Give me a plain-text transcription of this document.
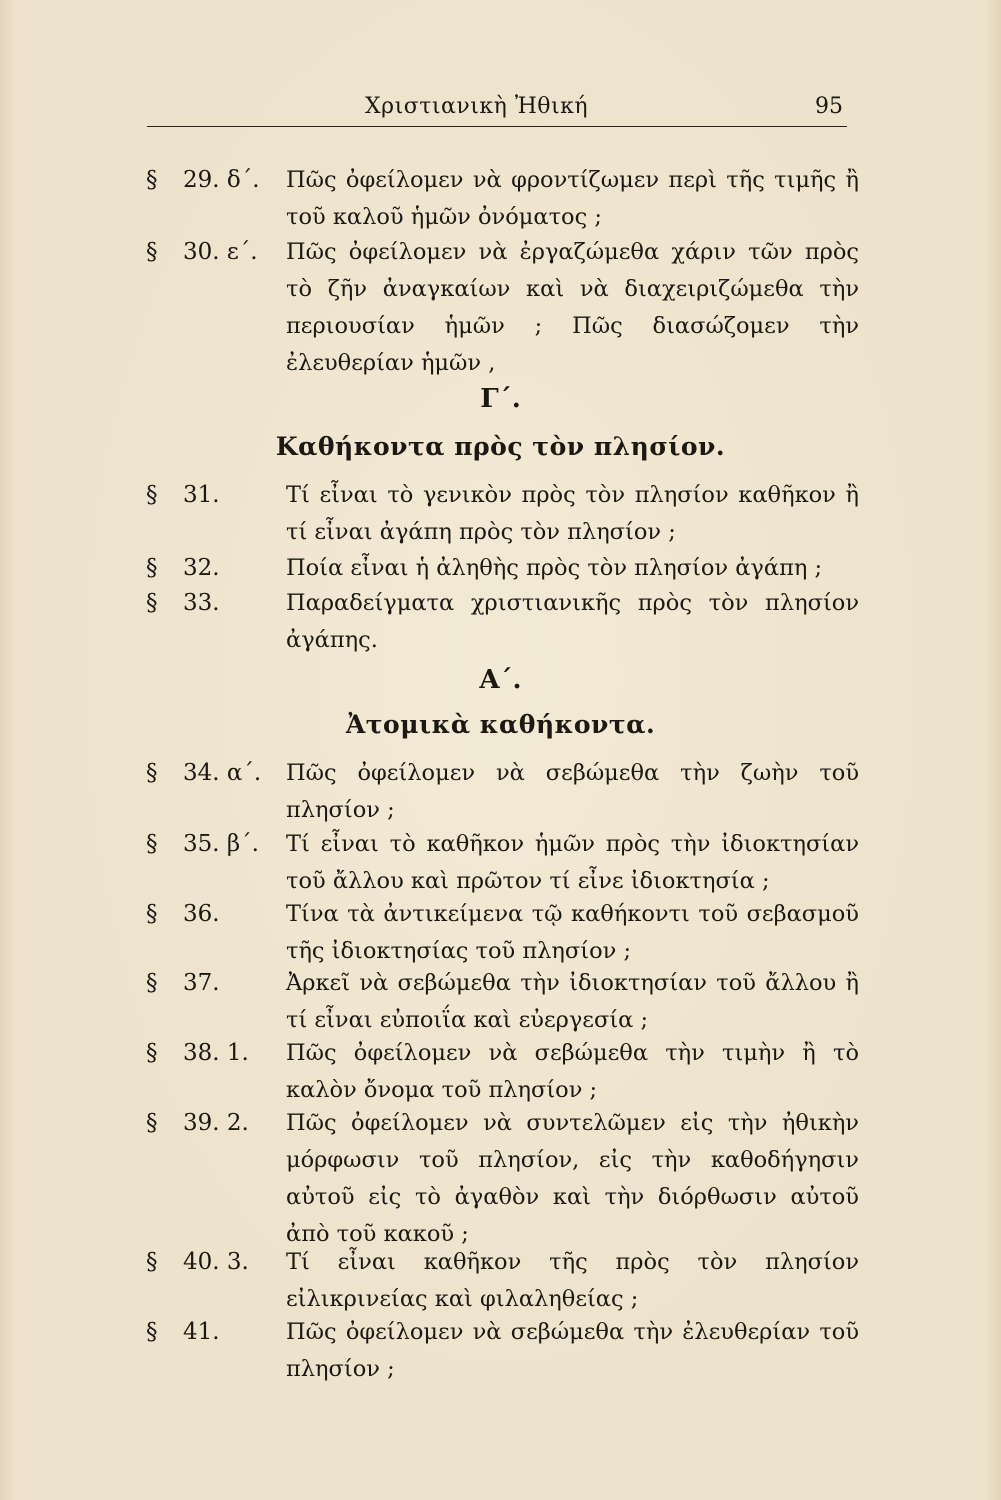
Χριστιανικὴ Ἠθική	95
§ 29. δ΄. Πῶς ὀφείλομεν νὰ φροντίζωμεν περὶ τῆς τιμῆς ἢ τοῦ καλοῦ ἡμῶν ὀνόματος ;
§ 30. ε΄. Πῶς ὀφείλομεν νὰ ἐργαζώμεθα χάριν τῶν πρὸς τὸ ζῆν ἀναγκαίων καὶ νὰ διαχειριζώμεθα τὴν περιουσίαν ἡμῶν ; Πῶς διασώζομεν τὴν ἐλευθερίαν ἡμῶν ,
Γ΄.
Καθήκοντα πρὸς τὸν πλησίον.
§ 31.	Τί εἶναι τὸ γενικὸν πρὸς τὸν πλησίον καθῆκον ἢ τί εἶναι ἀγάπη πρὸς τὸν πλησίον ;
§ 32.	Ποία εἶναι ἡ ἀληθὴς πρὸς τὸν πλησίον ἀγάπη ;
§ 33.	Παραδείγματα χριστιανικῆς πρὸς τὸν πλησίον ἀγάπης.
Α΄.
Ἀτομικὰ καθήκοντα.
§ 34. α΄. Πῶς ὀφείλομεν νὰ σεβώμεθα τὴν ζωὴν τοῦ πλησίον ;
§ 35. β΄. Τί εἶναι τὸ καθῆκον ἡμῶν πρὸς τὴν ἰδιοκτησίαν τοῦ ἄλλου καὶ πρῶτον τί εἶνε ἰδιοκτησία ;
§ 36.	Τίνα τὰ ἀντικείμενα τῷ καθήκοντι τοῦ σεβασμοῦ τῆς ἰδιοκτησίας τοῦ πλησίον ;
§ 37.	Ἀρκεῖ νὰ σεβώμεθα τὴν ἰδιοκτησίαν τοῦ ἄλλου ἢ τί εἶναι εὐποιΐα καὶ εὐεργεσία ;
§ 38. 1. Πῶς ὀφείλομεν νὰ σεβώμεθα τὴν τιμὴν ἢ τὸ καλὸν ὄνομα τοῦ πλησίον ;
§ 39. 2. Πῶς ὀφείλομεν νὰ συντελῶμεν εἰς τὴν ἠθικὴν μόρφωσιν τοῦ πλησίον, εἰς τὴν καθοδήγησιν αὐτοῦ εἰς τὸ ἀγαθὸν καὶ τὴν διόρθωσιν αὐτοῦ ἀπὸ τοῦ κακοῦ ;
§ 40. 3. Τί εἶναι καθῆκον τῆς πρὸς τὸν πλησίον εἰλικρινείας καὶ φιλαληθείας ;
§ 41.	Πῶς ὀφείλομεν νὰ σεβώμεθα τὴν ἐλευθερίαν τοῦ πλησίον ;
